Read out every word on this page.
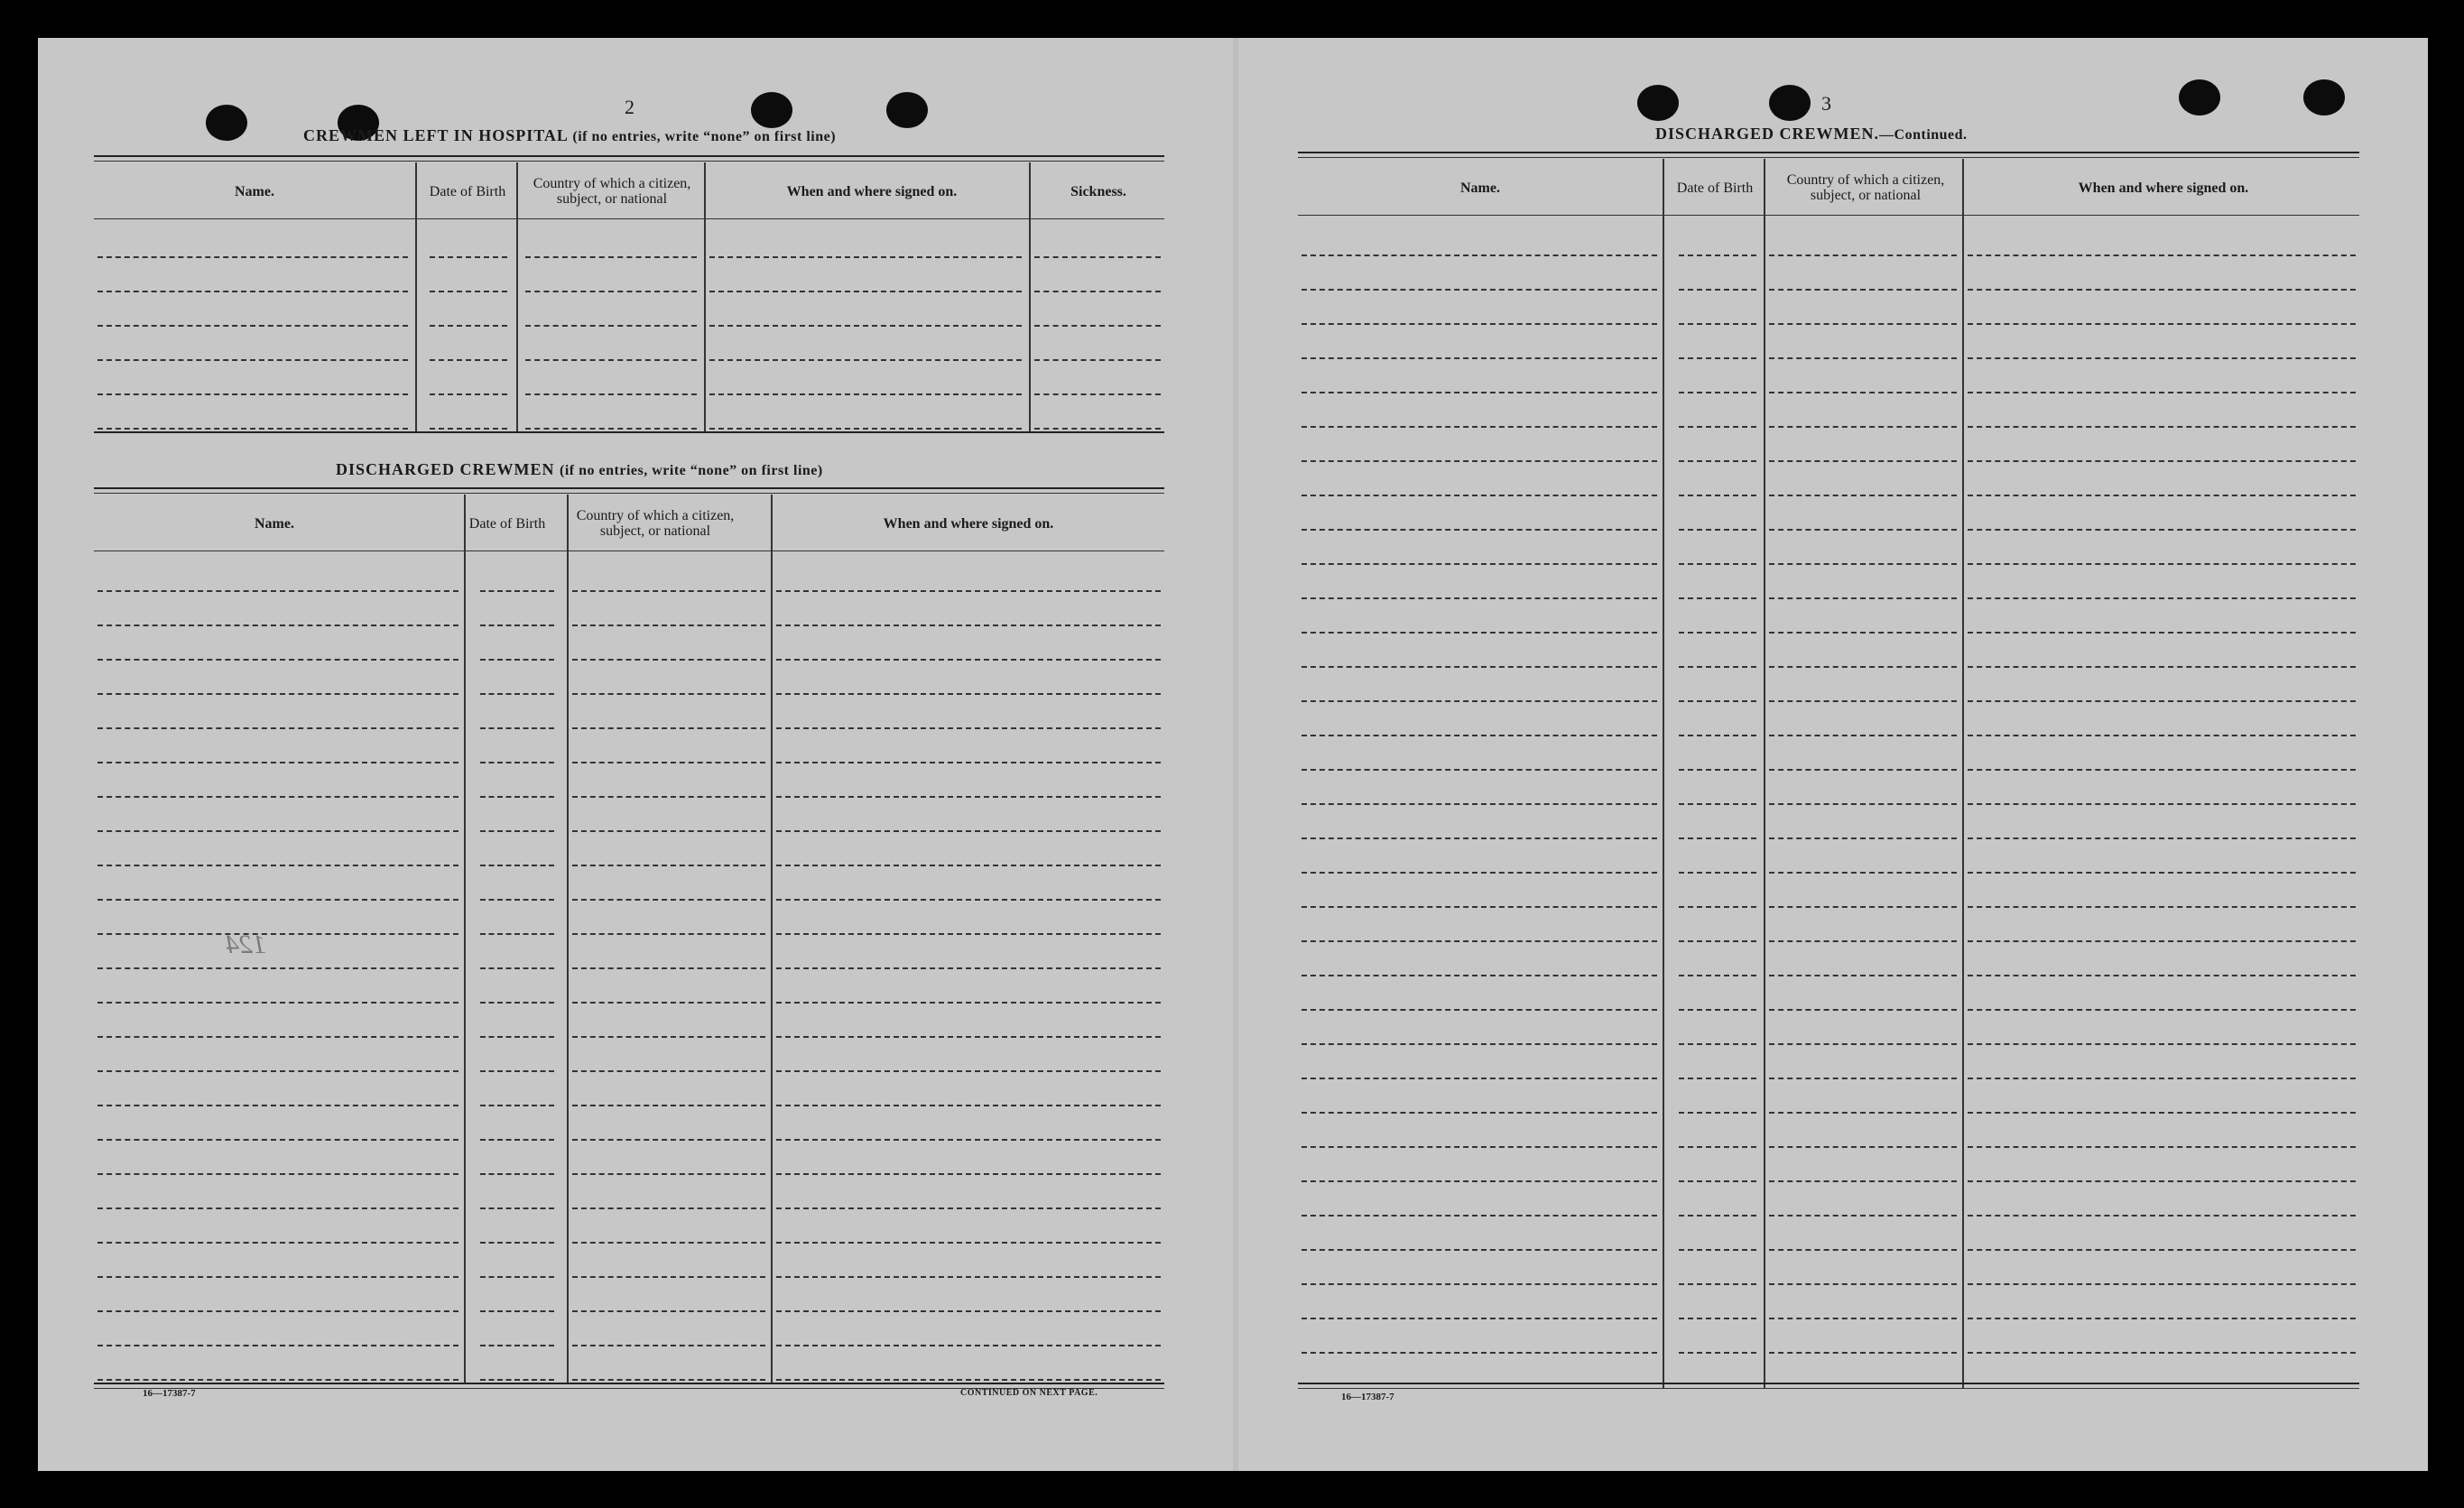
2
CREWMEN LEFT IN HOSPITAL (if no entries, write “none” on first line)
Name.	Date of Birth	Country of which a citizen, subject, or national	When and where signed on.	Sickness.
DISCHARGED CREWMEN (if no entries, write “none” on first line)
Name.	Date of Birth	Country of which a citizen, subject, or national	When and where signed on.
124
16—17387-7	CONTINUED ON NEXT PAGE.
3
DISCHARGED CREWMEN.—Continued.
Name.	Date of Birth	Country of which a citizen, subject, or national	When and where signed on.
16—17387-7
